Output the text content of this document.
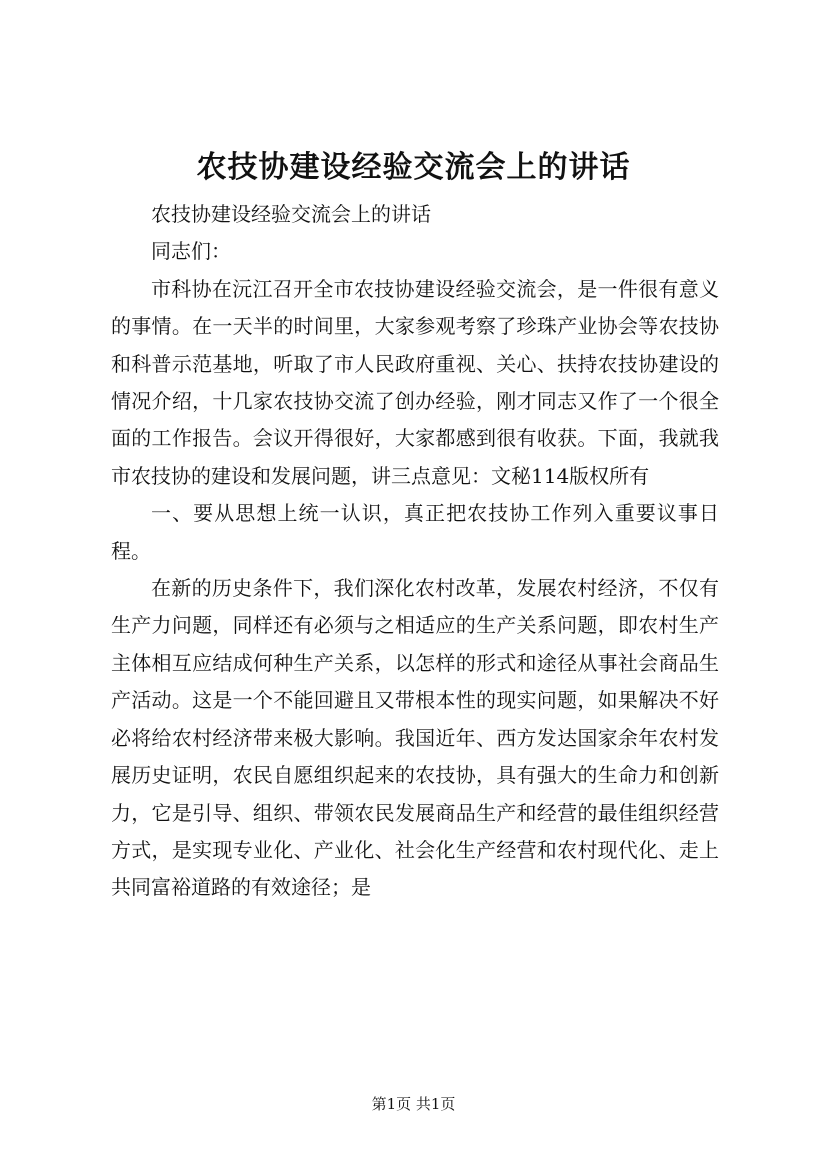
农技协建设经验交流会上的讲话

农技协建设经验交流会上的讲话

同志们：

市科协在沅江召开全市农技协建设经验交流会，是一件很有意义的事情。在一天半的时间里，大家参观考察了珍珠产业协会等农技协和科普示范基地，听取了市人民政府重视、关心、扶持农技协建设的情况介绍，十几家农技协交流了创办经验，刚才同志又作了一个很全面的工作报告。会议开得很好，大家都感到很有收获。下面，我就我市农技协的建设和发展问题，讲三点意见：文秘114版权所有

一、要从思想上统一认识，真正把农技协工作列入重要议事日程。

在新的历史条件下，我们深化农村改革，发展农村经济，不仅有生产力问题，同样还有必须与之相适应的生产关系问题，即农村生产主体相互应结成何种生产关系，以怎样的形式和途径从事社会商品生产活动。这是一个不能回避且又带根本性的现实问题，如果解决不好必将给农村经济带来极大影响。我国近年、西方发达国家余年农村发展历史证明，农民自愿组织起来的农技协，具有强大的生命力和创新力，它是引导、组织、带领农民发展商品生产和经营的最佳组织经营方式，是实现专业化、产业化、社会化生产经营和农村现代化、走上共同富裕道路的有效途径；是

第1页 共1页
